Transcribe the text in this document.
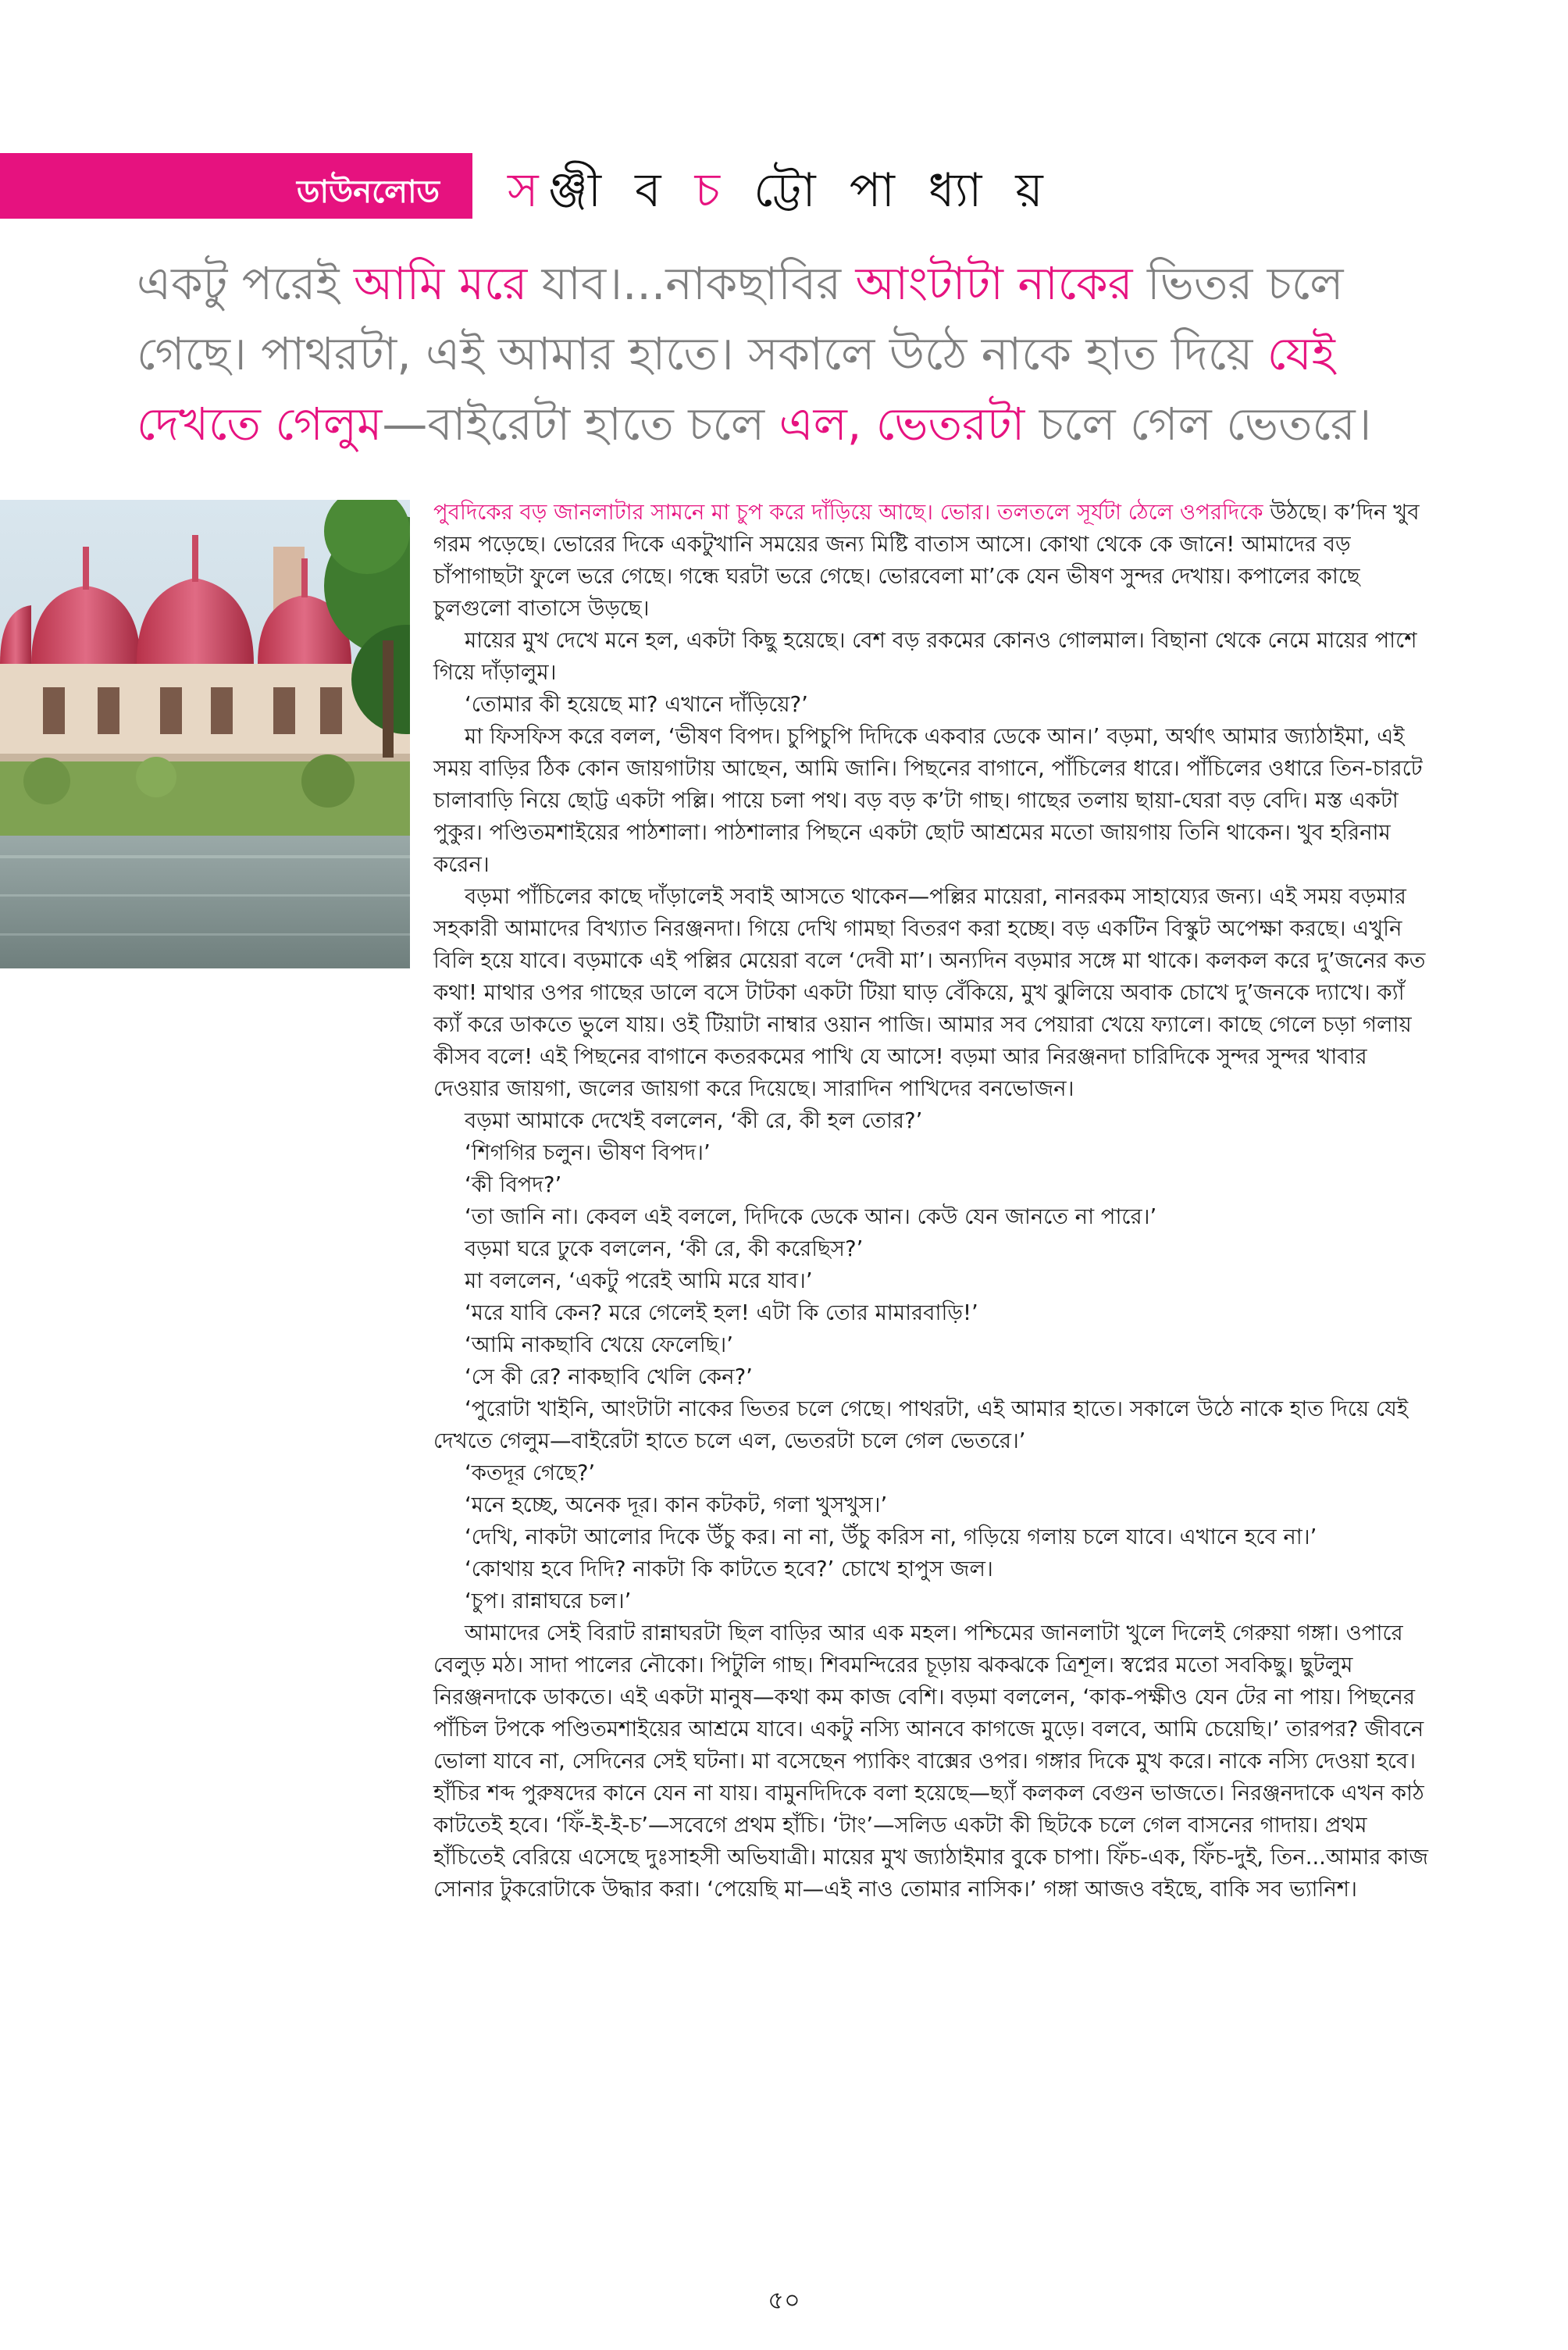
ডাউনলোড সঞ্জী ব চ ট্টো পা ধ্যা য়
একটু পরেই আমি মরে যাব।...নাকছাবির আংটাটা নাকের ভিতর চলে গেছে। পাথরটা, এই আমার হাতে। সকালে উঠে নাকে হাত দিয়ে যেই দেখতে গেলুম—বাইরেটা হাতে চলে এল, ভেতরটা চলে গেল ভেতরে।

পুবদিকের বড় জানলাটার সামনে মা চুপ করে দাঁড়িয়ে আছে। ভোর। তলতলে সূর্যটা ঠেলে ওপরদিকে উঠছে। ক’দিন খুব গরম পড়েছে। ভোরের দিকে একটুখানি সময়ের জন্য মিষ্টি বাতাস আসে। কোথা থেকে কে জানে! আমাদের বড় চাঁপাগাছটা ফুলে ভরে গেছে। গন্ধে ঘরটা ভরে গেছে। ভোরবেলা মা’কে যেন ভীষণ সুন্দর দেখায়। কপালের কাছে চুলগুলো বাতাসে উড়ছে।

মায়ের মুখ দেখে মনে হল, একটা কিছু হয়েছে। বেশ বড় রকমের কোনও গোলমাল। বিছানা থেকে নেমে মায়ের পাশে গিয়ে দাঁড়ালুম।

‘তোমার কী হয়েছে মা? এখানে দাঁড়িয়ে?’

মা ফিসফিস করে বলল, ‘ভীষণ বিপদ। চুপিচুপি দিদিকে একবার ডেকে আন।’ বড়মা, অর্থাৎ আমার জ্যাঠাইমা, এই সময় বাড়ির ঠিক কোন জায়গাটায় আছেন, আমি জানি। পিছনের বাগানে, পাঁচিলের ধারে। পাঁচিলের ওধারে তিন-চারটে চালাবাড়ি নিয়ে ছোট্ট একটা পল্লি। পায়ে চলা পথ। বড় বড় ক’টা গাছ। গাছের তলায় ছায়া-ঘেরা বড় বেদি। মস্ত একটা পুকুর। পণ্ডিতমশাইয়ের পাঠশালা। পাঠশালার পিছনে একটা ছোট আশ্রমের মতো জায়গায় তিনি থাকেন। খুব হরিনাম করেন।

বড়মা পাঁচিলের কাছে দাঁড়ালেই সবাই আসতে থাকেন—পল্লির মায়েরা, নানরকম সাহায্যের জন্য। এই সময় বড়মার সহকারী আমাদের বিখ্যাত নিরঞ্জনদা। গিয়ে দেখি গামছা বিতরণ করা হচ্ছে। বড় একটিন বিস্কুট অপেক্ষা করছে। এখুনি বিলি হয়ে যাবে। বড়মাকে এই পল্লির মেয়েরা বলে ‘দেবী মা’। অন্যদিন বড়মার সঙ্গে মা থাকে। কলকল করে দু’জনের কত কথা! মাথার ওপর গাছের ডালে বসে টাটকা একটা টিয়া ঘাড় বেঁকিয়ে, মুখ ঝুলিয়ে অবাক চোখে দু’জনকে দ্যাখে। ক্যাঁ ক্যাঁ করে ডাকতে ভুলে যায়। ওই টিয়াটা নাম্বার ওয়ান পাজি। আমার সব পেয়ারা খেয়ে ফ্যালে। কাছে গেলে চড়া গলায় কীসব বলে! এই পিছনের বাগানে কতরকমের পাখি যে আসে! বড়মা আর নিরঞ্জনদা চারিদিকে সুন্দর সুন্দর খাবার দেওয়ার জায়গা, জলের জায়গা করে দিয়েছে। সারাদিন পাখিদের বনভোজন।

বড়মা আমাকে দেখেই বললেন, ‘কী রে, কী হল তোর?’

‘শিগগির চলুন। ভীষণ বিপদ।’

‘কী বিপদ?’

‘তা জানি না। কেবল এই বললে, দিদিকে ডেকে আন। কেউ যেন জানতে না পারে।’

বড়মা ঘরে ঢুকে বললেন, ‘কী রে, কী করেছিস?’

মা বললেন, ‘একটু পরেই আমি মরে যাব।’

‘মরে যাবি কেন? মরে গেলেই হল! এটা কি তোর মামারবাড়ি!’

‘আমি নাকছাবি খেয়ে ফেলেছি।’

‘সে কী রে? নাকছাবি খেলি কেন?’

‘পুরোটা খাইনি, আংটাটা নাকের ভিতর চলে গেছে। পাথরটা, এই আমার হাতে। সকালে উঠে নাকে হাত দিয়ে যেই দেখতে গেলুম—বাইরেটা হাতে চলে এল, ভেতরটা চলে গেল ভেতরে।’

‘কতদূর গেছে?’

‘মনে হচ্ছে, অনেক দূর। কান কটকট, গলা খুসখুস।’

‘দেখি, নাকটা আলোর দিকে উঁচু কর। না না, উঁচু করিস না, গড়িয়ে গলায় চলে যাবে। এখানে হবে না।’

‘কোথায় হবে দিদি? নাকটা কি কাটতে হবে?’ চোখে হাপুস জল।

‘চুপ। রান্নাঘরে চল।’

আমাদের সেই বিরাট রান্নাঘরটা ছিল বাড়ির আর এক মহল। পশ্চিমের জানলাটা খুলে দিলেই গেরুয়া গঙ্গা। ওপারে বেলুড় মঠ। সাদা পালের নৌকো। পিটুলি গাছ। শিবমন্দিরের চূড়ায় ঝকঝকে ত্রিশূল। স্বপ্নের মতো সবকিছু। ছুটলুম নিরঞ্জনদাকে ডাকতে। এই একটা মানুষ—কথা কম কাজ বেশি। বড়মা বললেন, ‘কাক-পক্ষীও যেন টের না পায়। পিছনের পাঁচিল টপকে পণ্ডিতমশাইয়ের আশ্রমে যাবে। একটু নস্যি আনবে কাগজে মুড়ে। বলবে, আমি চেয়েছি।’ তারপর? জীবনে ভোলা যাবে না, সেদিনের সেই ঘটনা। মা বসেছেন প্যাকিং বাক্সের ওপর। গঙ্গার দিকে মুখ করে। নাকে নস্যি দেওয়া হবে। হাঁচির শব্দ পুরুষদের কানে যেন না যায়। বামুনদিদিকে বলা হয়েছে—ছ্যাঁ কলকল বেগুন ভাজতে। নিরঞ্জনদাকে এখন কাঠ কাটতেই হবে। ‘ফিঁ-ই-ই-চ’—সবেগে প্রথম হাঁচি। ‘টাং’—সলিড একটা কী ছিটকে চলে গেল বাসনের গাদায়। প্রথম হাঁচিতেই বেরিয়ে এসেছে দুঃসাহসী অভিযাত্রী। মায়ের মুখ জ্যাঠাইমার বুকে চাপা। ফিঁচ-এক, ফিঁচ-দুই, তিন...আমার কাজ সোনার টুকরোটাকে উদ্ধার করা। ‘পেয়েছি মা—এই নাও তোমার নাসিক।’ গঙ্গা আজও বইছে, বাকি সব ভ্যানিশ।

৫০
